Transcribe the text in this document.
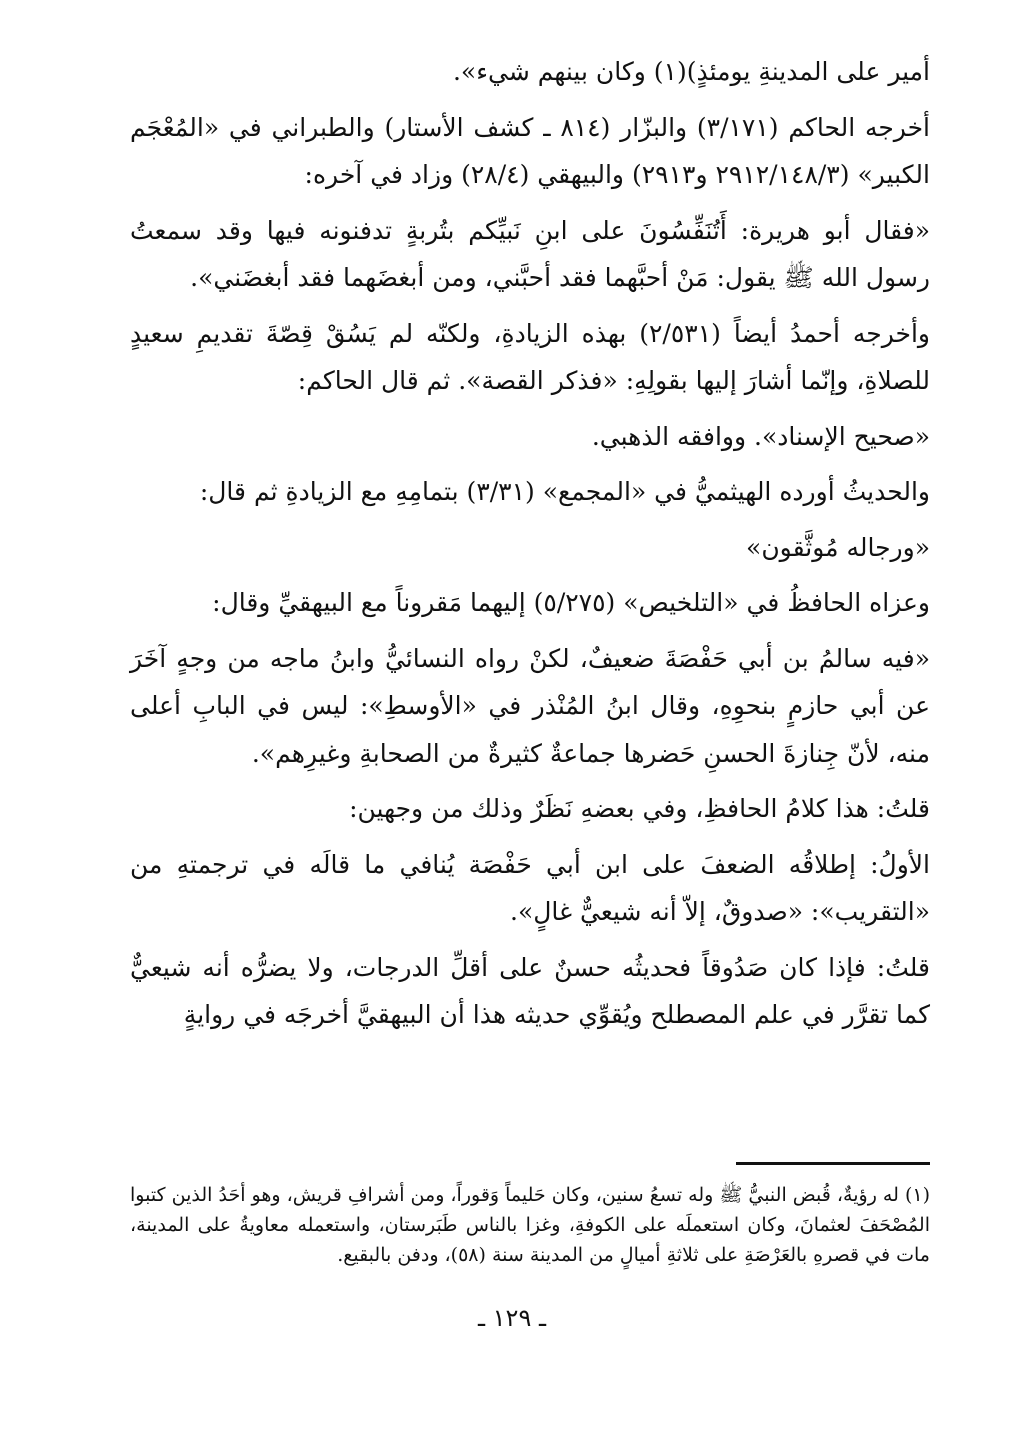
أمير على المدينةِ يومئذٍ)(١) وكان بينهم شيء».

أخرجه الحاكم (٣/١٧١) والبزّار (٨١٤ ـ كشف الأستار) والطبراني في «المُعْجَم الكبير» (٢٩١٢/١٤٨/٣ و٢٩١٣) والبيهقي (٢٨/٤) وزاد في آخره:

«فقال أبو هريرة: أَتُنَفِّسُونَ على ابنِ نَبيِّكم بتُربةٍ تدفنونه فيها وقد سمعتُ رسول الله ﷺ يقول: مَنْ أحبَّهما فقد أحبَّني، ومن أبغضَهما فقد أبغضَني».

وأخرجه أحمدُ أيضاً (٢/٥٣١) بهذه الزيادةِ، ولكنّه لم يَسُقْ قِصّةَ تقديمِ سعيدٍ للصلاةِ، وإنّما أشارَ إليها بقولِهِ: «فذكر القصة». ثم قال الحاكم:

«صحيح الإسناد». ووافقه الذهبي.

والحديثُ أورده الهيثميُّ في «المجمع» (٣/٣١) بتمامِهِ مع الزيادةِ ثم قال:

«ورجاله مُوثَّقون»

وعزاه الحافظُ في «التلخيص» (٥/٢٧٥) إليهما مَقروناً مع البيهقيِّ وقال:

«فيه سالمُ بن أبي حَفْصَةَ ضعيفٌ، لكنْ رواه النسائيُّ وابنُ ماجه من وجهٍ آخَرَ عن أبي حازمٍ بنحوِهِ، وقال ابنُ المُنْذر في «الأوسطِ»: ليس في البابِ أعلى منه، لأنّ جِنازةَ الحسنِ حَضرها جماعةٌ كثيرةٌ من الصحابةِ وغيرِهم».

قلتُ: هذا كلامُ الحافظِ، وفي بعضهِ نَظَرٌ وذلك من وجهين:

الأولُ: إطلاقُه الضعفَ على ابن أبي حَفْصَة يُنافي ما قالَه في ترجمتهِ من «التقريب»: «صدوقٌ، إلاّ أنه شيعيٌّ غالٍ».

قلتُ: فإذا كان صَدُوقاً فحديثُه حسنٌ على أقلِّ الدرجات، ولا يضرُّه أنه شيعيٌّ كما تقرَّر في علم المصطلح ويُقوِّي حديثه هذا أن البيهقيَّ أخرجَه في روايةٍ

(١) له رؤيةٌ، قُبض النبيُّ ﷺ وله تسعُ سنين، وكان حَليماً وَقوراً، ومن أشرافِ قريش، وهو أحَدُ الذين كتبوا المُصْحَفَ لعثمانَ، وكان استعملَه على الكوفةِ، وغزا بالناس طَبَرستان، واستعمله معاويةُ على المدينة، مات في قصرهِ بالعَرْصَةِ على ثلاثةِ أميالٍ من المدينة سنة (٥٨)، ودفن بالبقيع.

ـ ١٢٩ ـ
